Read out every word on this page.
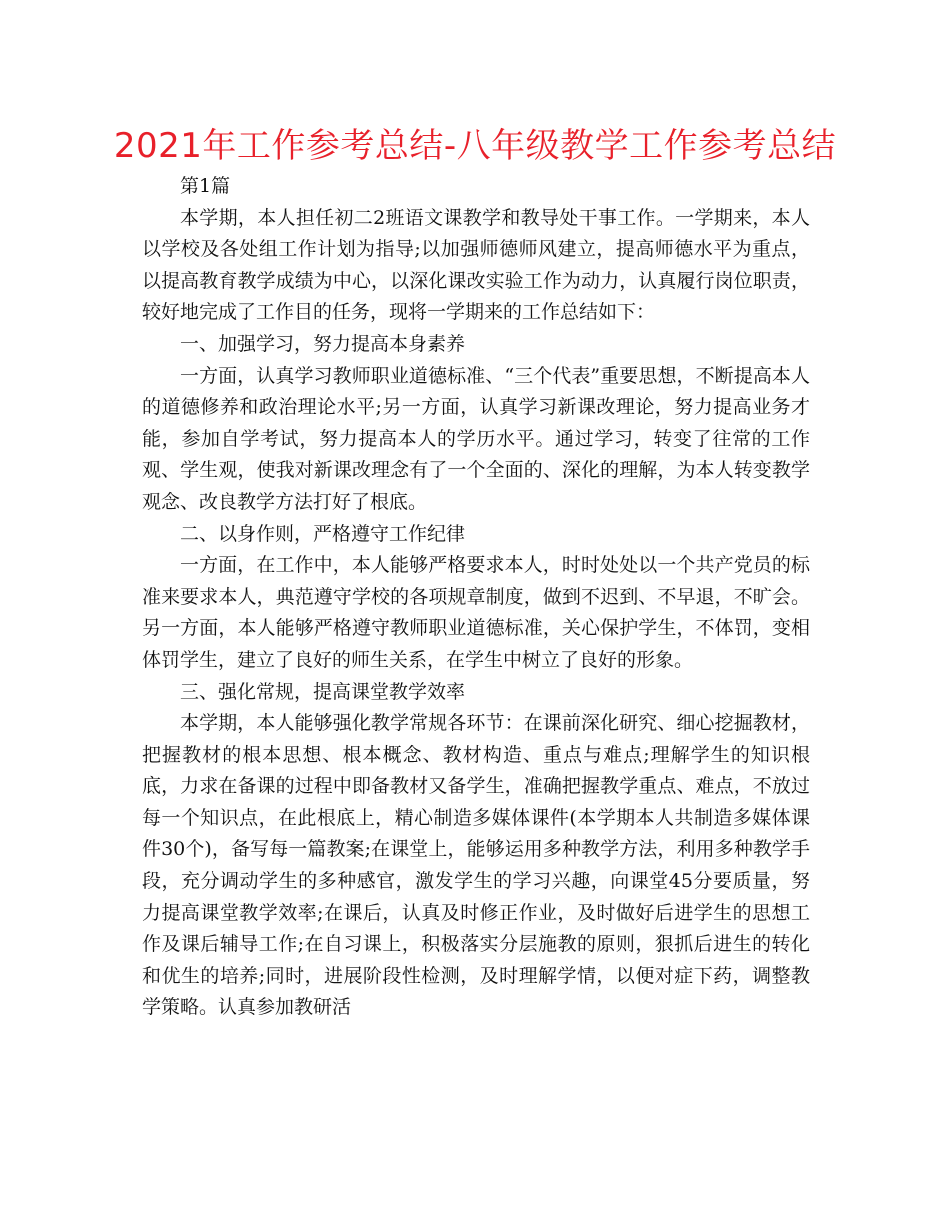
2021年工作参考总结-八年级教学工作参考总结

第1篇

本学期，本人担任初二2班语文课教学和教导处干事工作。一学期来，本人以学校及各处组工作计划为指导;以加强师德师风建立，提高师德水平为重点，以提高教育教学成绩为中心，以深化课改实验工作为动力，认真履行岗位职责，较好地完成了工作目的任务，现将一学期来的工作总结如下：

一、加强学习，努力提高本身素养

一方面，认真学习教师职业道德标准、“三个代表”重要思想，不断提高本人的道德修养和政治理论水平;另一方面，认真学习新课改理论，努力提高业务才能，参加自学考试，努力提高本人的学历水平。通过学习，转变了往常的工作观、学生观，使我对新课改理念有了一个全面的、深化的理解，为本人转变教学观念、改良教学方法打好了根底。

二、以身作则，严格遵守工作纪律

一方面，在工作中，本人能够严格要求本人，时时处处以一个共产党员的标准来要求本人，典范遵守学校的各项规章制度，做到不迟到、不早退，不旷会。另一方面，本人能够严格遵守教师职业道德标准，关心保护学生，不体罚，变相体罚学生，建立了良好的师生关系，在学生中树立了良好的形象。

三、强化常规，提高课堂教学效率

本学期，本人能够强化教学常规各环节：在课前深化研究、细心挖掘教材，把握教材的根本思想、根本概念、教材构造、重点与难点;理解学生的知识根底，力求在备课的过程中即备教材又备学生，准确把握教学重点、难点，不放过每一个知识点，在此根底上，精心制造多媒体课件(本学期本人共制造多媒体课件30个)，备写每一篇教案;在课堂上，能够运用多种教学方法，利用多种教学手段，充分调动学生的多种感官，激发学生的学习兴趣，向课堂45分要质量，努力提高课堂教学效率;在课后，认真及时修正作业，及时做好后进学生的思想工作及课后辅导工作;在自习课上，积极落实分层施教的原则，狠抓后进生的转化和优生的培养;同时，进展阶段性检测，及时理解学情，以便对症下药，调整教学策略。认真参加教研活
